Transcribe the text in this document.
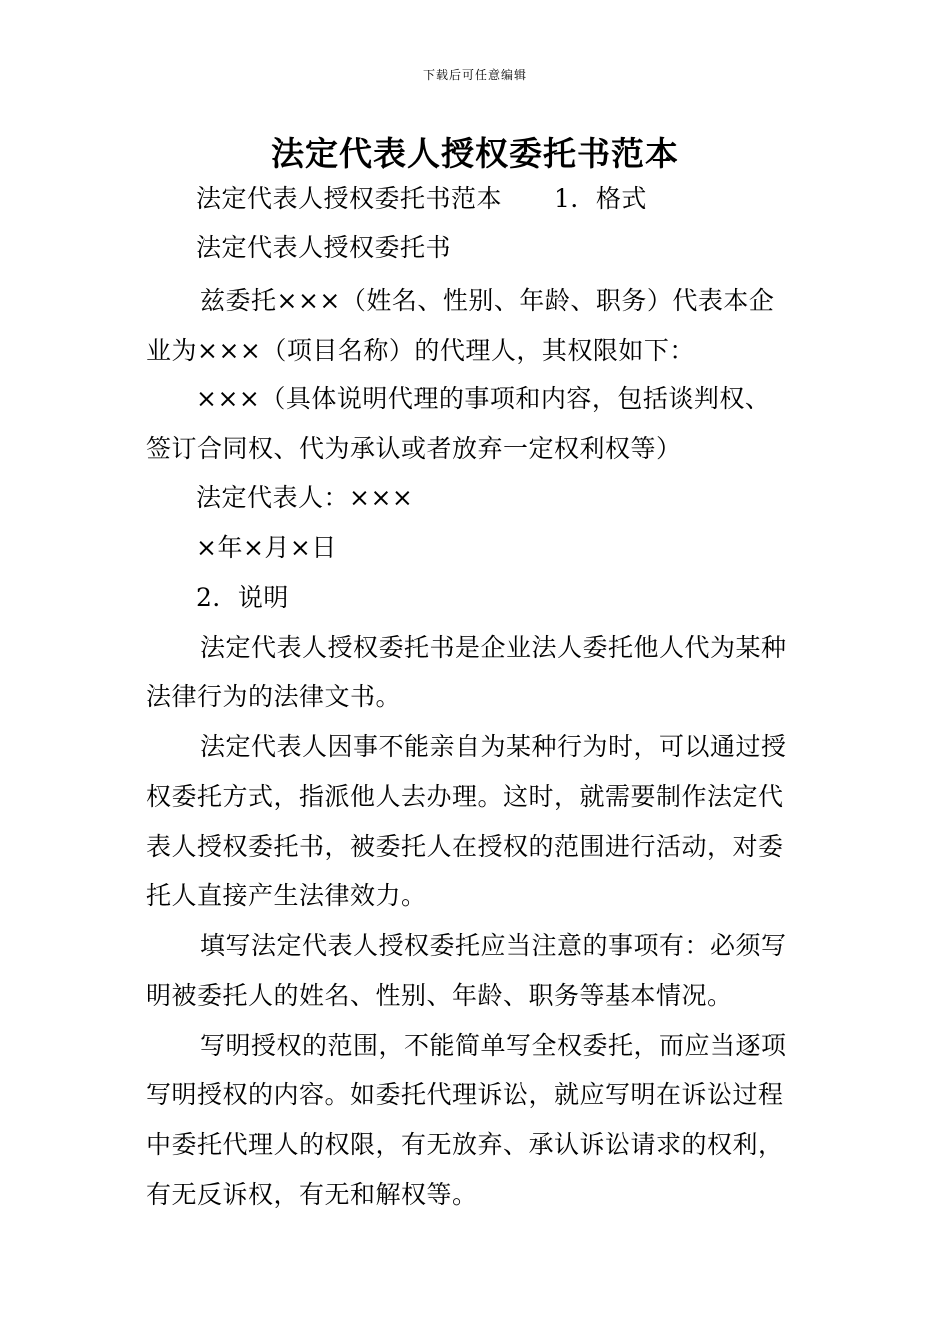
下载后可任意编辑
法定代表人授权委托书范本
法定代表人授权委托书范本 1．格式
法定代表人授权委托书
兹委托×××（姓名、性别、年龄、职务）代表本企
业为×××（项目名称）的代理人，其权限如下：
×××（具体说明代理的事项和内容，包括谈判权、
签订合同权、代为承认或者放弃一定权利权等）
法定代表人：×××
×年×月×日
2．说明
法定代表人授权委托书是企业法人委托他人代为某种
法律行为的法律文书。
法定代表人因事不能亲自为某种行为时，可以通过授
权委托方式，指派他人去办理。这时，就需要制作法定代
表人授权委托书，被委托人在授权的范围进行活动，对委
托人直接产生法律效力。
填写法定代表人授权委托应当注意的事项有：必须写
明被委托人的姓名、性别、年龄、职务等基本情况。
写明授权的范围，不能简单写全权委托，而应当逐项
写明授权的内容。如委托代理诉讼，就应写明在诉讼过程
中委托代理人的权限，有无放弃、承认诉讼请求的权利，
有无反诉权，有无和解权等。
